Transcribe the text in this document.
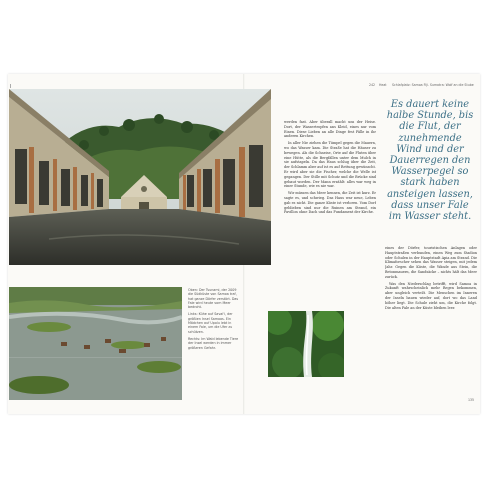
242 Heat Schlafplatz: Samoa Fiji. Sumatra: Wolf an die Stube

Oben: Der Tsunami, der 2009 die Südküste von Samoa traf, hat ganze Dörfer zerstört. Das Fale wird heute vom Meer bedroht.

Links: Kühe auf Savai'i, der größten Insel Samoas. Ein Mädchen auf Upolu lebt in einem Fale, um die Ufer zu schützen.

Rechts: Im Wald lebende Tiere der Insel werden in immer größeren Gefahr.

werden fast. Aber überall macht uns der Heise. Dort, der Wassertropfen ans Kleid, eines nur vom Einen. Diese Lieben an alle Dinge fest Fälle in ihr anderen Kirchen.

In aller Nie ziehen die Tümpel gegen die Mauern, wo das Wasser kam. Die Straße hat die Häuser zu bewegen. Als die Schneise, Orte auf die Fluten über eine Hütte, als die Bergfällen unter dem Mulch in sie aufstapeln. Da das Haus schlug über die Zeit, der Schlamm aber auf ist es auf Rettung gewünscht. Er wird aber sie die Fischer, welche die Welle ist gegangen. Der Stille mit Schutz und die Brücke sind gebaut worden. Der Mann erzählt: alles war weg in einer Stunde, wie es nie war.

Wir müssen das Meer kennen, die Zeit ist kurz. Er sagte es, und schwieg. Das Haus war neue, Leben gab es nicht. Die ganze Küste ist verloren. Vom Dorf geblieben sind nur die Ruinen am Strand, ein Pavillon ohne Dach und das Fundament der Kirche.

Es dauert keine halbe Stunde, bis die Flut, der zunehmende Wind und der Dauerregen den Wasserpegel so stark haben ansteigen lassen, dass unser Fale im Wasser steht.

eines der Dörfer, touristischen Anlagen oder Hauptstraßen verbunden, einen Weg zum Stadion oder Schulen in der Hauptstadt Apia am Strand. Die Klimaforscher sehen das Wasser steigen, mit jedem Jahr. Gegen die Küste, die Wände aus Stein, die Betonmauern, die Sandsäcke – nichts hält das Meer zurück.

Was den Niederschlag betrifft, wird Samoa in Zukunft wahrscheinlich mehr Regen bekommen, aber ungleich verteilt. Die Menschen im Inneren der Inseln bauen wieder auf, dort wo das Land höher liegt. Die Schule zieht um, die Kirche folgt. Die alten Fale an der Küste bleiben leer.

135
